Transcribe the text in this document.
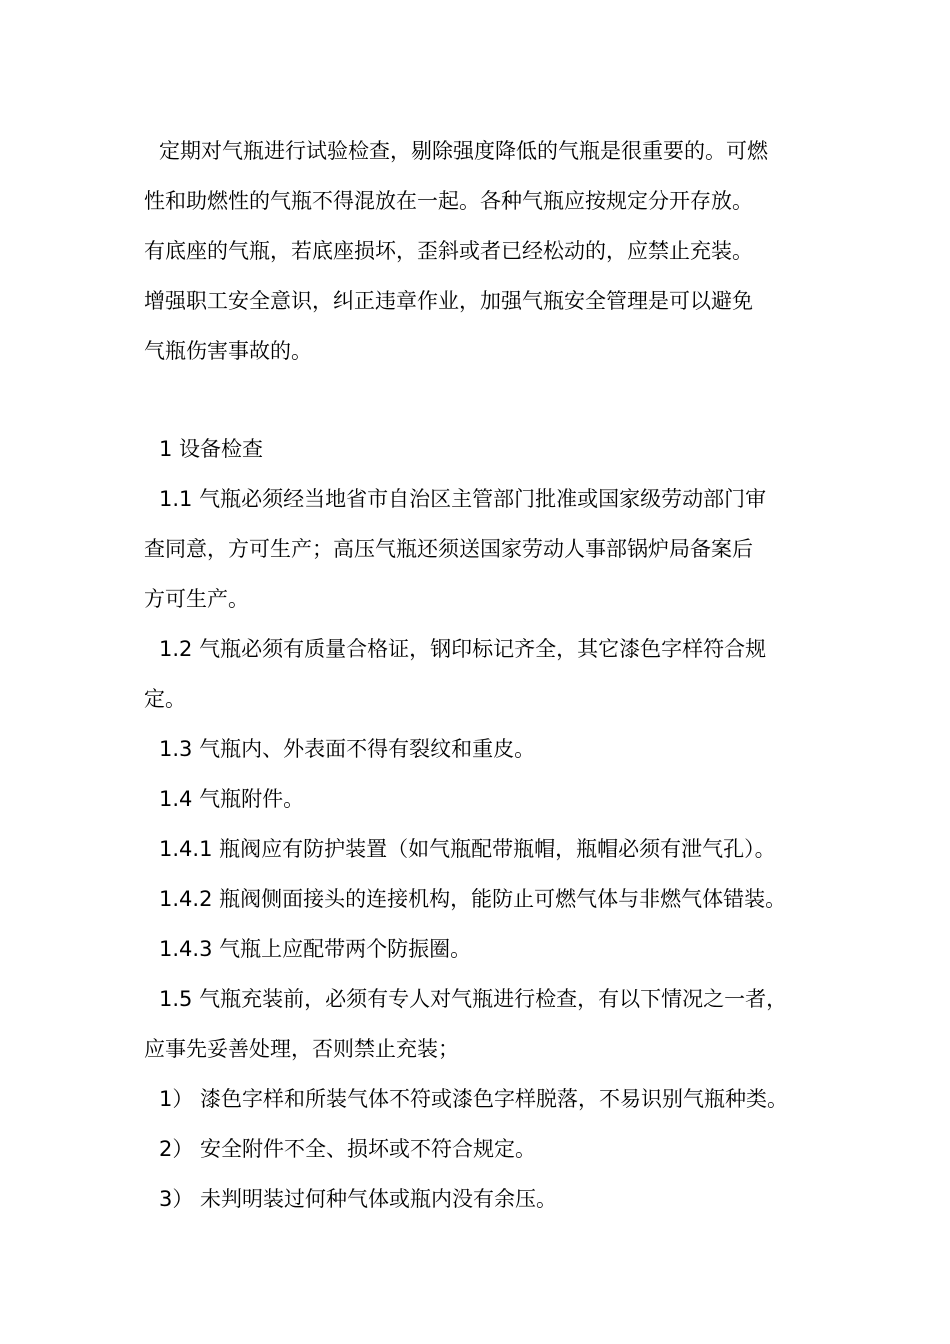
定期对气瓶进行试验检查，剔除强度降低的气瓶是很重要的。可燃
性和助燃性的气瓶不得混放在一起。各种气瓶应按规定分开存放。
有底座的气瓶，若底座损坏，歪斜或者已经松动的，应禁止充装。
增强职工安全意识，纠正违章作业，加强气瓶安全管理是可以避免
气瓶伤害事故的。
1 设备检查
1.1 气瓶必须经当地省市自治区主管部门批准或国家级劳动部门审
查同意，方可生产；高压气瓶还须送国家劳动人事部锅炉局备案后
方可生产。
1.2 气瓶必须有质量合格证，钢印标记齐全，其它漆色字样符合规
定。
1.3 气瓶内、外表面不得有裂纹和重皮。
1.4 气瓶附件。
1.4.1 瓶阀应有防护装置（如气瓶配带瓶帽，瓶帽必须有泄气孔）。
1.4.2 瓶阀侧面接头的连接机构，能防止可燃气体与非燃气体错装。
1.4.3 气瓶上应配带两个防振圈。
1.5 气瓶充装前，必须有专人对气瓶进行检查，有以下情况之一者，
应事先妥善处理，否则禁止充装；
1） 漆色字样和所装气体不符或漆色字样脱落，不易识别气瓶种类。
2） 安全附件不全、损坏或不符合规定。
3） 未判明装过何种气体或瓶内没有余压。
